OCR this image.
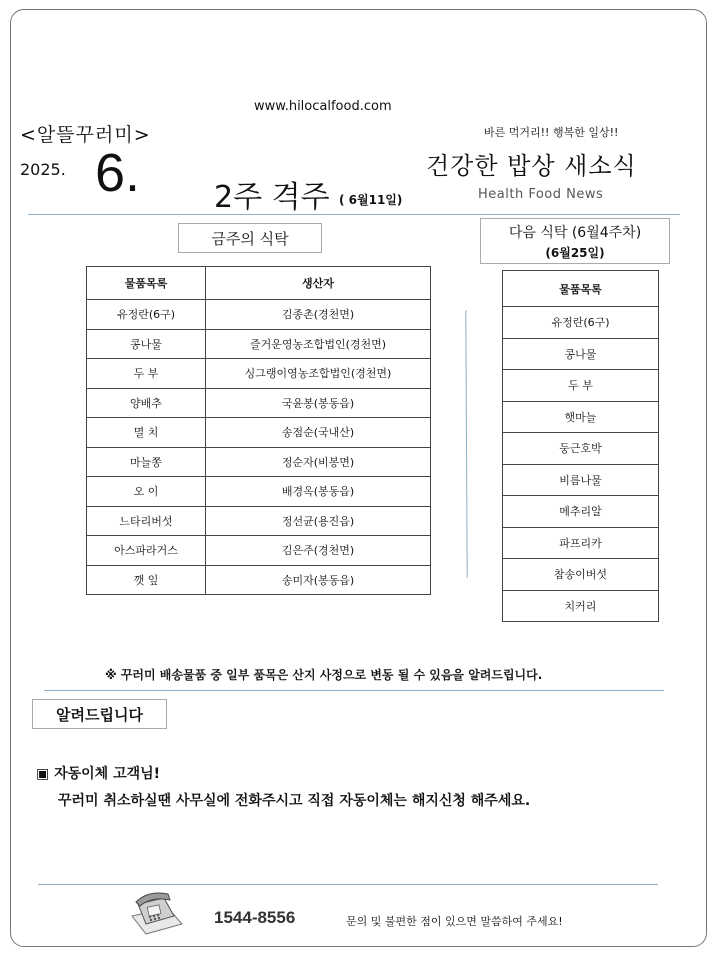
www.hilocalfood.com
<알뜰꾸러미>
2025. 6. 2주 격주 ( 6월11일)
바른 먹거리!! 행복한 일상!!
건강한 밥상 새소식
Health Food News
금주의 식탁	다음 식탁 (6월4주차)
(6월25일)
물품목록	생산자
유정란(6구)	김종촌(경천면)
콩나물	즐거운영농조합법인(경천면)
두 부	싱그랭이영농조합법인(경천면)
양배추	국윤봉(봉동읍)
멸 치	송점순(국내산)
마늘쫑	정순자(비봉면)
오 이	배경옥(봉동읍)
느타리버섯	정선균(용진읍)
아스파라거스	김은주(경천면)
깻 잎	송미자(봉동읍)
물품목록
유정란(6구)
콩나물
두 부
햇마늘
둥근호박
비름나물
메추리알
파프리카
참송이버섯
치커리
※ 꾸러미 배송물품 중 일부 품목은 산지 사정으로 변동 될 수 있음을 알려드립니다.
알려드립니다
▣ 자동이체 고객님!
꾸러미 취소하실땐 사무실에 전화주시고 직접 자동이체는 해지신청 해주세요.
1544-8556	문의 및 불편한 점이 있으면 말씀하여 주세요!
